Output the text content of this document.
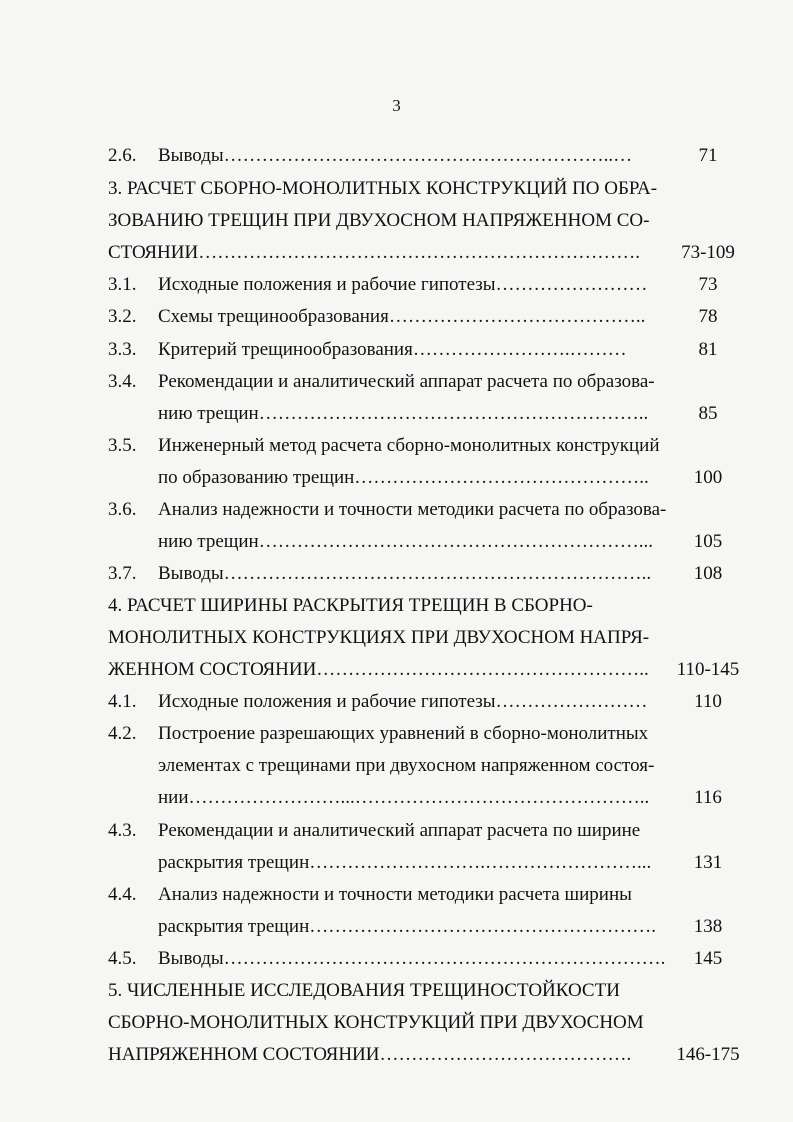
3
2.6. Выводы……………………………………………………..…	71
3. РАСЧЕТ СБОРНО-МОНОЛИТНЫХ КОНСТРУКЦИЙ ПО ОБРА-
ЗОВАНИЮ ТРЕЩИН ПРИ ДВУХОСНОМ НАПРЯЖЕННОМ СО-
СТОЯНИИ…………………………………………………………….	73-109
3.1. Исходные положения и рабочие гипотезы……………………	73
3.2. Схемы трещинообразования…………………………………..	78
3.3. Критерий трещинообразования…………………….………	81
3.4. Рекомендации и аналитический аппарат расчета по образова-
нию трещин……………………………………………………..	85
3.5. Инженерный метод расчета сборно-монолитных конструкций
по образованию трещин………………………………………..	100
3.6. Анализ надежности и точности методики расчета по образова-
нию трещин……………………………………………………...	105
3.7. Выводы…………………………………………………………..	108
4. РАСЧЕТ ШИРИНЫ РАСКРЫТИЯ ТРЕЩИН В СБОРНО-
МОНОЛИТНЫХ КОНСТРУКЦИЯХ ПРИ ДВУХОСНОМ НАПРЯ-
ЖЕННОМ СОСТОЯНИИ……………………………………………..	110-145
4.1. Исходные положения и рабочие гипотезы……………………	110
4.2. Построение разрешающих уравнений в сборно-монолитных
элементах с трещинами при двухосном напряженном состоя-
нии……………………...………………………………………..	116
4.3. Рекомендации и аналитический аппарат расчета по ширине
раскрытия трещин……………………….……………………...	131
4.4. Анализ надежности и точности методики расчета ширины
раскрытия трещин……………………………………………….	138
4.5. Выводы…………………………………………………………….	145
5. ЧИСЛЕННЫЕ ИССЛЕДОВАНИЯ ТРЕЩИНОСТОЙКОСТИ
СБОРНО-МОНОЛИТНЫХ КОНСТРУКЦИЙ ПРИ ДВУХОСНОМ
НАПРЯЖЕННОМ СОСТОЯНИИ………………………………….	146-175
